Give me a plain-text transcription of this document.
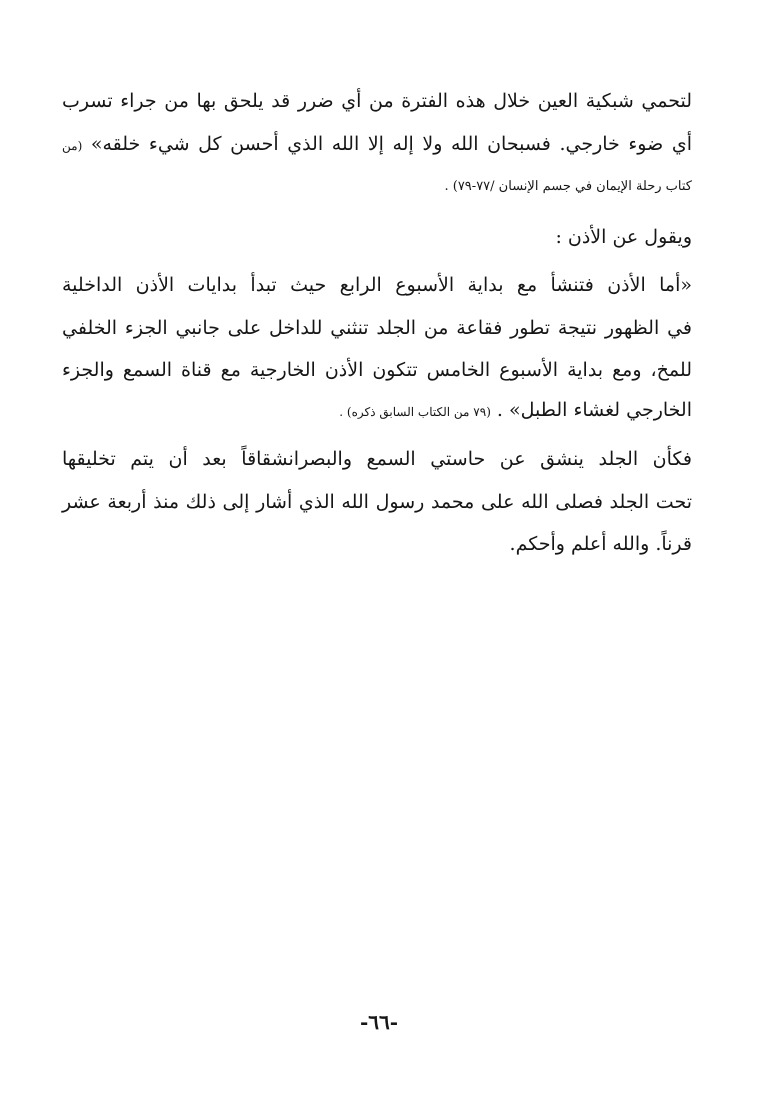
لتحمي شبكية العين خلال هذه الفترة من أي ضرر قد يلحق بها من جراء تسرب
أي ضوء خارجي. فسبحان الله ولا إله إلا الله الذي أحسن كل شيء خلقه» (من
كتاب رحلة الإيمان في جسم الإنسان /٧٧-٧٩) .
ويقول عن الأذن :
«أما الأذن فتنشأ مع بداية الأسبوع الرابع حيث تبدأ بدايات الأذن الداخلية
في الظهور نتيجة تطور فقاعة من الجلد تنثني للداخل على جانبي الجزء الخلفي
للمخ، ومع بداية الأسبوع الخامس تتكون الأذن الخارجية مع قناة السمع والجزء
الخارجي لغشاء الطبل» . (٧٩ من الكتاب السابق ذكره) .
فكأن الجلد ينشق عن حاستي السمع والبصرانشقاقاً بعد أن يتم تخليقها
تحت الجلد فصلى الله على محمد رسول الله الذي أشار إلى ذلك منذ أربعة عشر
قرناً. والله أعلم وأحكم.
-٦٦-
